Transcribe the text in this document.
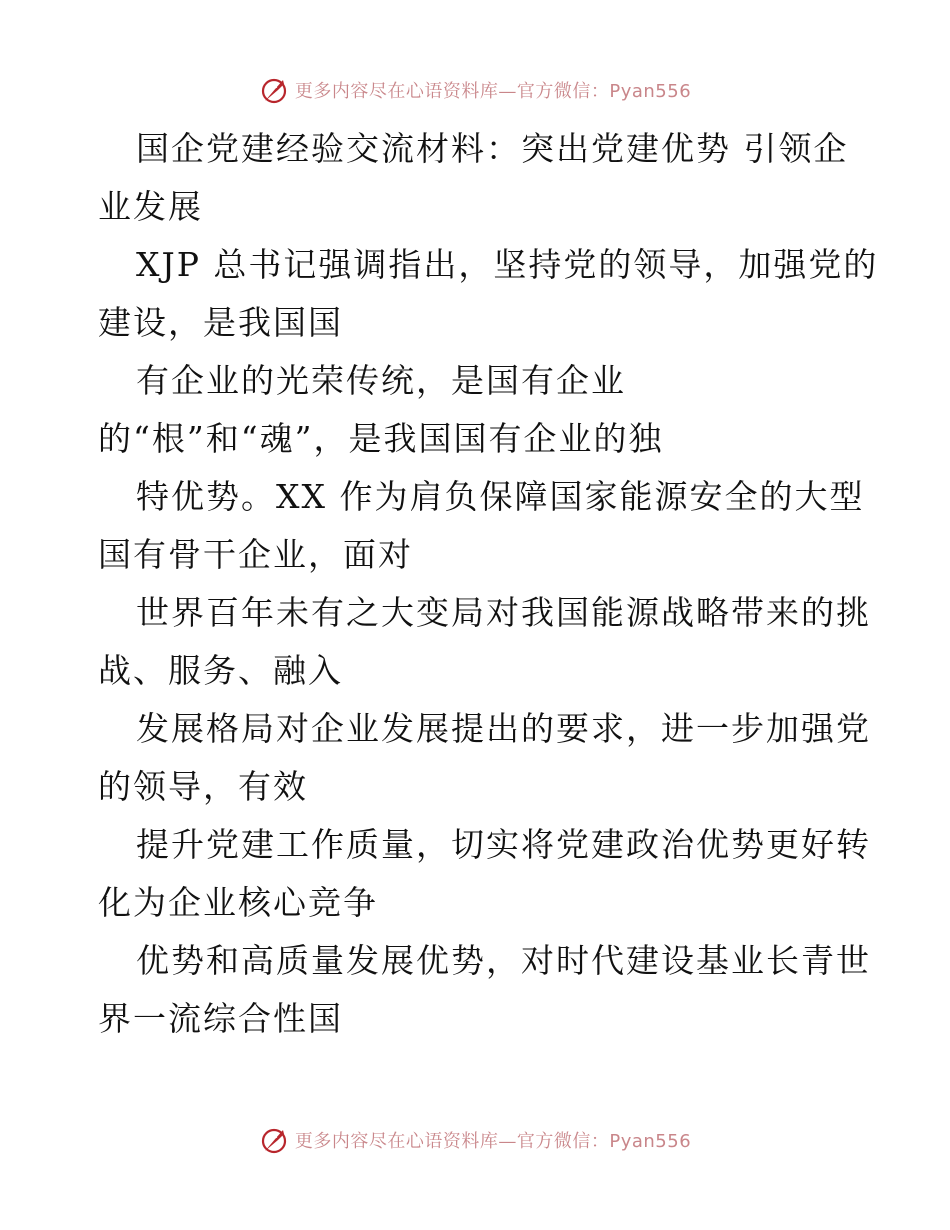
更多内容尽在心语资料库—官方微信：Pyan556
国企党建经验交流材料：突出党建优势 引领企
业发展
XJP 总书记强调指出，坚持党的领导，加强党的
建设，是我国国
有企业的光荣传统，是国有企业
的“根”和“魂”，是我国国有企业的独
特优势。XX 作为肩负保障国家能源安全的大型
国有骨干企业，面对
世界百年未有之大变局对我国能源战略带来的挑
战、服务、融入
发展格局对企业发展提出的要求，进一步加强党
的领导，有效
提升党建工作质量，切实将党建政治优势更好转
化为企业核心竞争
优势和高质量发展优势，对时代建设基业长青世
界一流综合性国
更多内容尽在心语资料库—官方微信：Pyan556
